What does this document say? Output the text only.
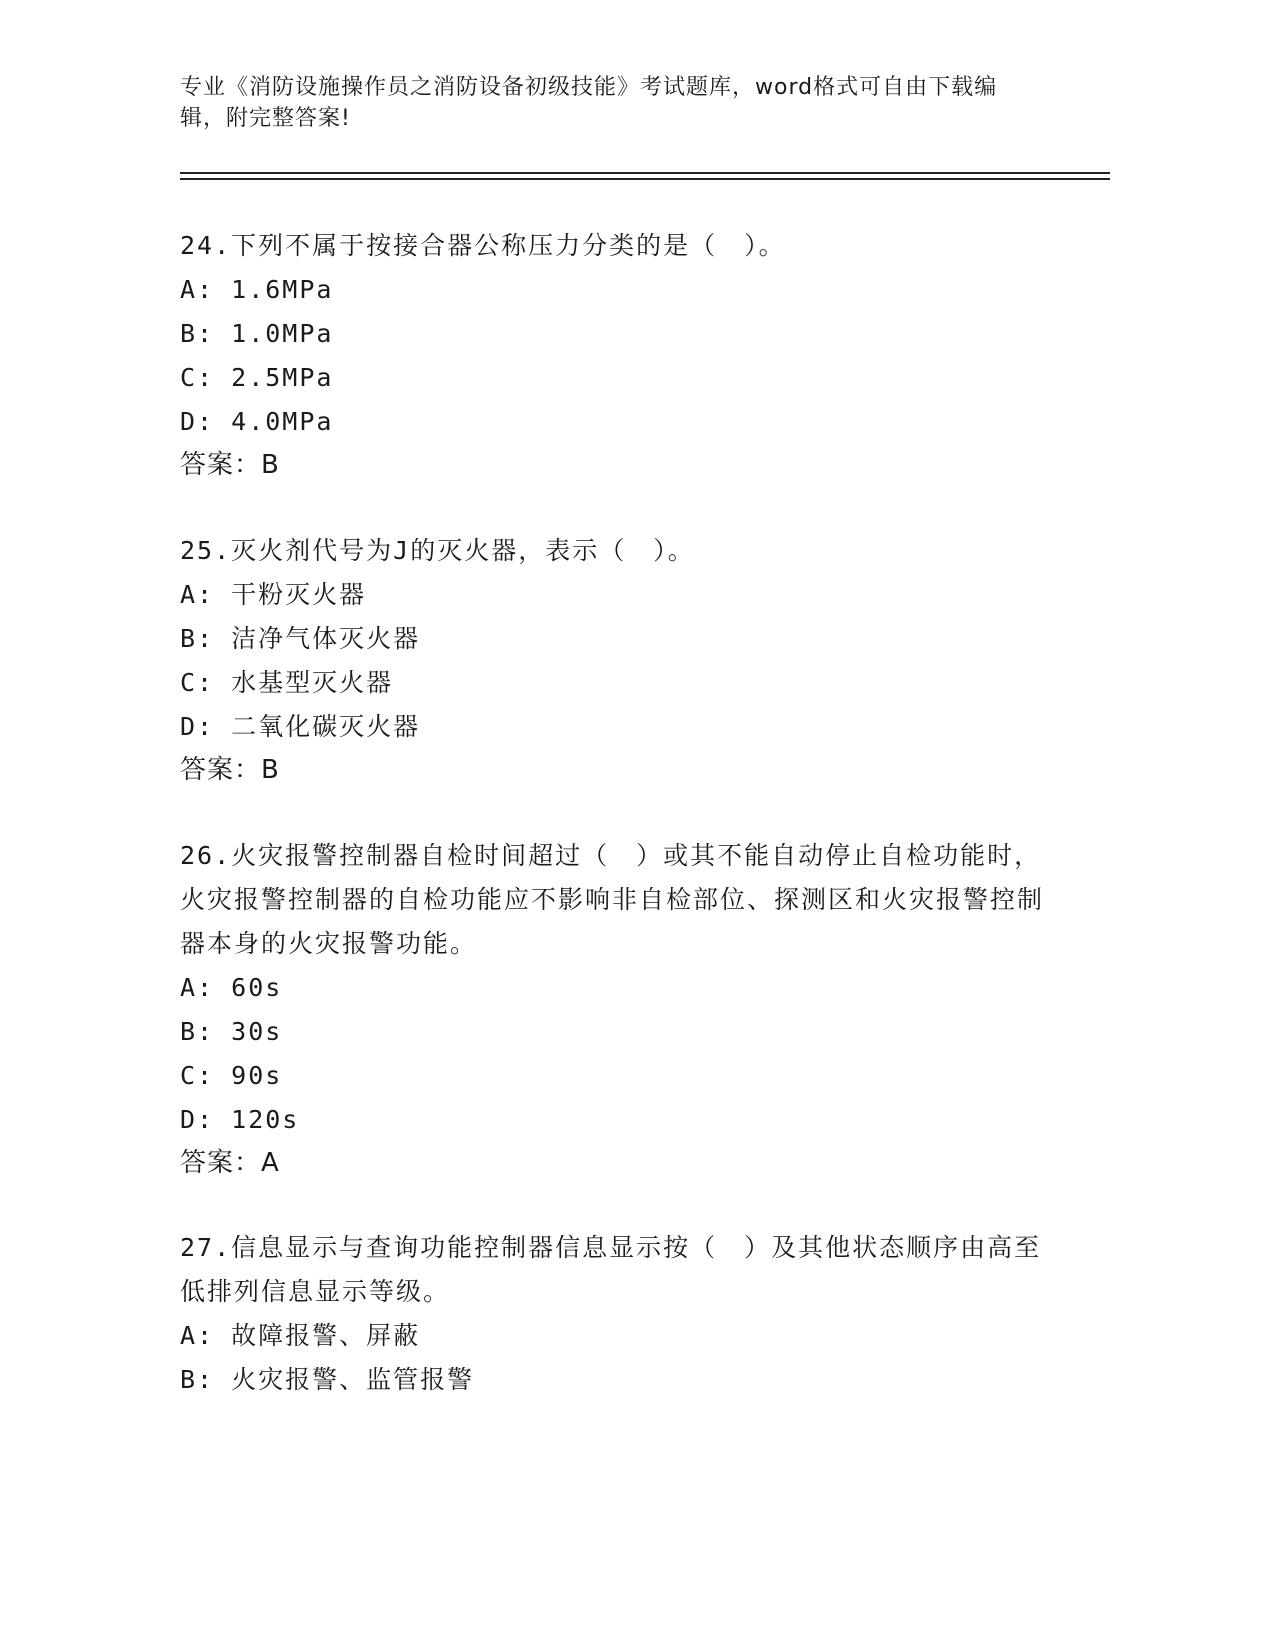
专业《消防设施操作员之消防设备初级技能》考试题库，word格式可自由下载编辑，附完整答案!

24.下列不属于按接合器公称压力分类的是（　）。

A: 1.6MPa
B: 1.0MPa
C: 2.5MPa
D: 4.0MPa
答案：B

25.灭火剂代号为J的灭火器，表示（　）。

A: 干粉灭火器
B: 洁净气体灭火器
C: 水基型灭火器
D: 二氧化碳灭火器
答案：B

26.火灾报警控制器自检时间超过（　）或其不能自动停止自检功能时，火灾报警控制器的自检功能应不影响非自检部位、探测区和火灾报警控制器本身的火灾报警功能。

A: 60s
B: 30s
C: 90s
D: 120s
答案：A

27.信息显示与查询功能控制器信息显示按（　）及其他状态顺序由高至低排列信息显示等级。

A: 故障报警、屏蔽
B: 火灾报警、监管报警
